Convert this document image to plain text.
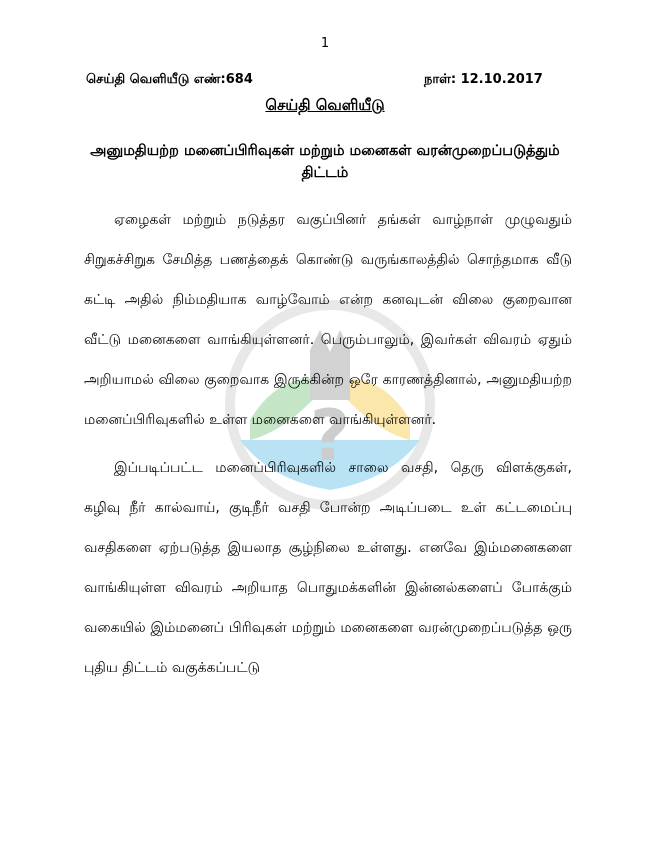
1
செய்தி வெளியீடு எண்:684	நாள்: 12.10.2017
செய்தி வெளியீடு
அனுமதியற்ற மனைப்பிரிவுகள் மற்றும் மனைகள் வரன்முறைப்படுத்தும் திட்டம்
?

ஏழைகள் மற்றும் நடுத்தர வகுப்பினர் தங்கள் வாழ்நாள் முழுவதும் சிறுகச்சிறுக சேமித்த பணத்தைக் கொண்டு வருங்காலத்தில் சொந்தமாக வீடு கட்டி அதில் நிம்மதியாக வாழ்வோம் என்ற கனவுடன் விலை குறைவான வீட்டு மனைகளை வாங்கியுள்ளனர். பெரும்பாலும், இவர்கள் விவரம் ஏதும் அறியாமல் விலை குறைவாக இருக்கின்ற ஒரே காரணத்தினால், அனுமதியற்ற மனைப்பிரிவுகளில் உள்ள மனைகளை வாங்கியுள்ளனர்.

இப்படிப்பட்ட மனைப்பிரிவுகளில் சாலை வசதி, தெரு விளக்குகள், கழிவு நீர் கால்வாய், குடிநீர் வசதி போன்ற அடிப்படை உள் கட்டமைப்பு வசதிகளை ஏற்படுத்த இயலாத சூழ்நிலை உள்ளது. எனவே இம்மனைகளை வாங்கியுள்ள விவரம் அறியாத பொதுமக்களின் இன்னல்களைப் போக்கும் வகையில் இம்மனைப் பிரிவுகள் மற்றும் மனைகளை வரன்முறைப்படுத்த ஒரு புதிய திட்டம் வகுக்கப்பட்டு
